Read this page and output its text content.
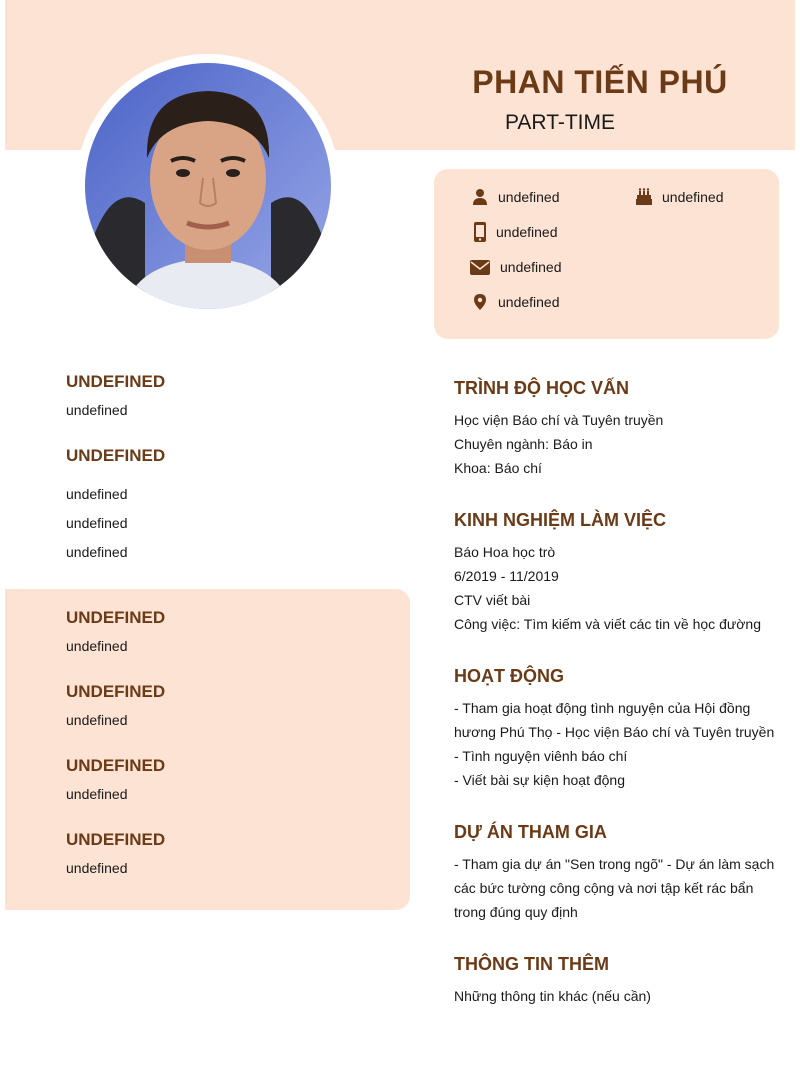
PHAN TIẾN PHÚ
PART-TIME
undefined	undefined
undefined
undefined
undefined
UNDEFINED
undefined
UNDEFINED
undefined
undefined
undefined
UNDEFINED
undefined
UNDEFINED
undefined
UNDEFINED
undefined
UNDEFINED
undefined
TRÌNH ĐỘ HỌC VẤN
Học viện Báo chí và Tuyên truyền
Chuyên ngành: Báo in
Khoa: Báo chí
KINH NGHIỆM LÀM VIỆC
Báo Hoa học trò
6/2019 - 11/2019
CTV viết bài
Công việc: Tìm kiếm và viết các tin về học đường
HOẠT ĐỘNG
- Tham gia hoạt động tình nguyện của Hội đồng
hương Phú Thọ - Học viện Báo chí và Tuyên truyền
- Tình nguyện viênh báo chí
- Viết bài sự kiện hoạt động
DỰ ÁN THAM GIA
- Tham gia dự án "Sen trong ngõ" - Dự án làm sạch
các bức tường công cộng và nơi tập kết rác bẩn
trong đúng quy định
THÔNG TIN THÊM
Những thông tin khác (nếu cần)
